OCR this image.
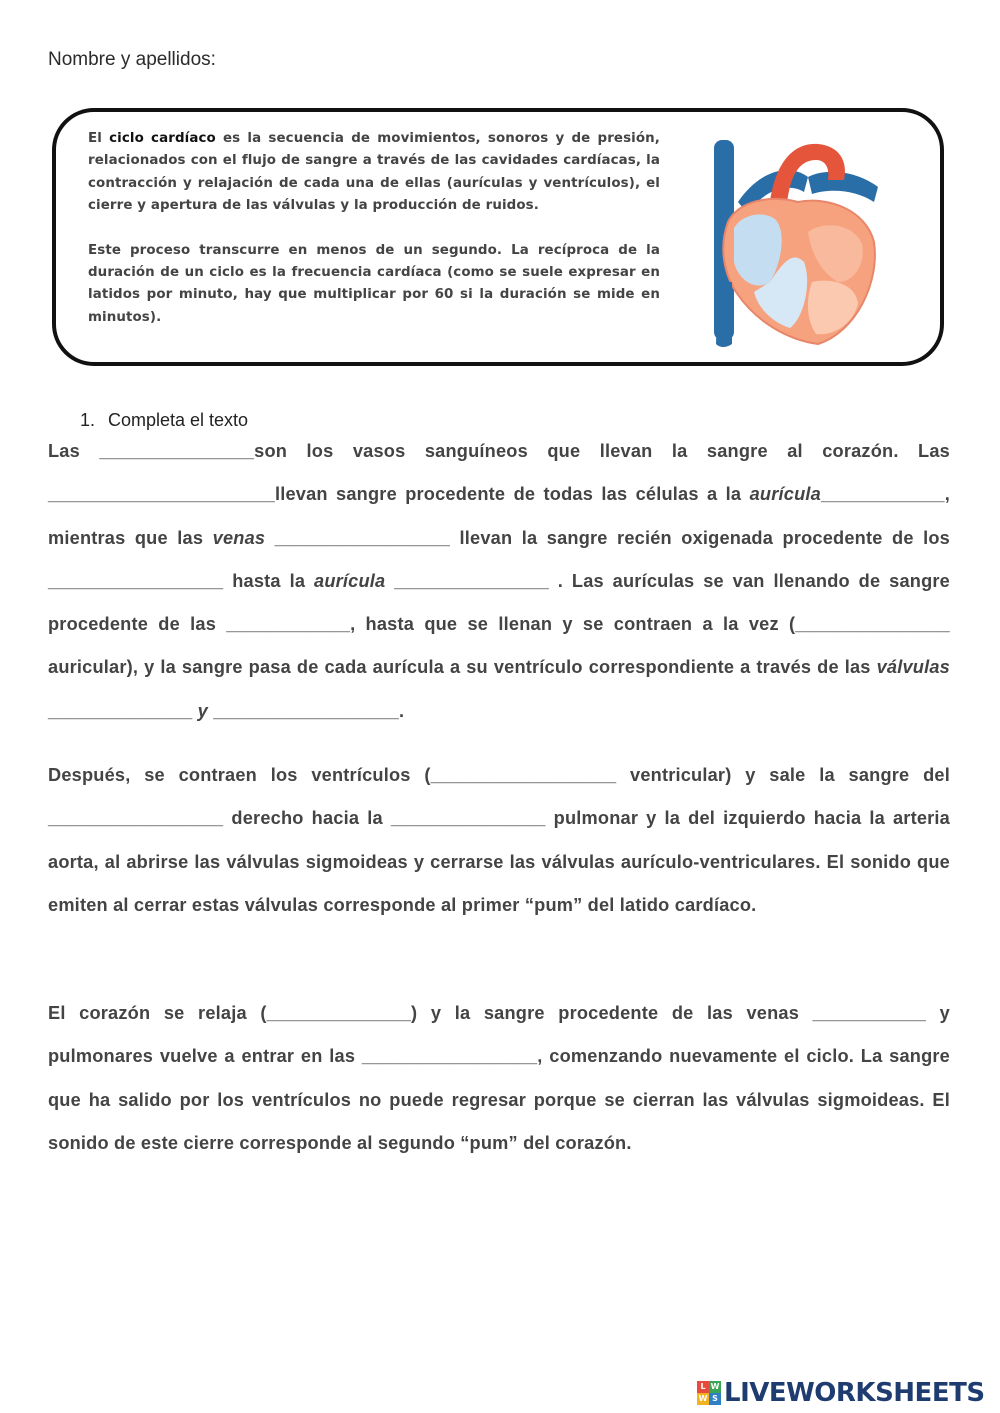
Nombre y apellidos:

El ciclo cardíaco es la secuencia de movimientos, sonoros y de presión, relacionados con el flujo de sangre a través de las cavidades cardíacas, la contracción y relajación de cada una de ellas (aurículas y ventrículos), el cierre y apertura de las válvulas y la producción de ruidos.

Este proceso transcurre en menos de un segundo. La recíproca de la duración de un ciclo es la frecuencia cardíaca (como se suele expresar en latidos por minuto, hay que multiplicar por 60 si la duración se mide en minutos).

1. Completa el texto
Las _______________son los vasos sanguíneos que llevan la sangre al corazón. Las ______________________llevan sangre procedente de todas las células a la aurícula____________, mientras que las venas _________________ llevan la sangre recién oxigenada procedente de los _________________ hasta la aurícula _______________ . Las aurículas se van llenando de sangre procedente de las ____________, hasta que se llenan y se contraen a la vez (_______________ auricular), y la sangre pasa de cada aurícula a su ventrículo correspondiente a través de las válvulas ______________ y __________________.
Después, se contraen los ventrículos (__________________ ventricular) y sale la sangre del _________________ derecho hacia la _______________ pulmonar y la del izquierdo hacia la arteria aorta, al abrirse las válvulas sigmoideas y cerrarse las válvulas aurículo-ventriculares. El sonido que emiten al cerrar estas válvulas corresponde al primer “pum” del latido cardíaco.
El corazón se relaja (______________) y la sangre procedente de las venas ___________ y pulmonares vuelve a entrar en las _________________, comenzando nuevamente el ciclo. La sangre que ha salido por los ventrículos no puede regresar porque se cierran las válvulas sigmoideas. El sonido de este cierre corresponde al segundo “pum” del corazón.
L W
W S LIVEWORKSHEETS
